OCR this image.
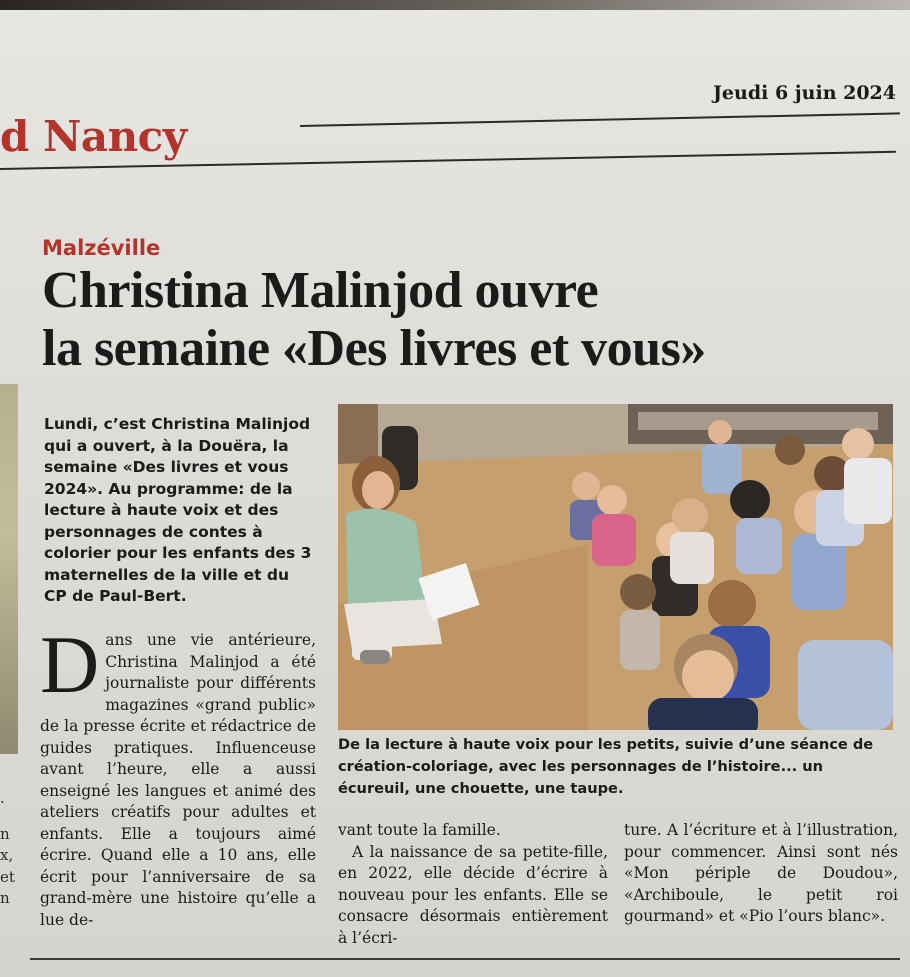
d Nancy
Jeudi 6 juin 2024
Malzéville
Christina Malinjod ouvre
la semaine «Des livres et vous»

Lundi, c’est Christina Malinjod qui a ouvert, à la Douëra, la semaine «Des livres et vous 2024». Au programme: de la lecture à haute voix et des personnages de contes à colorier pour les enfants des 3 maternelles de la ville et du CP de Paul-Bert.

Dans une vie antérieure, Christina Malinjod a été journaliste pour différents magazines «grand public» de la presse écrite et rédactrice de guides pratiques. Influenceuse avant l’heure, elle a aussi enseigné les langues et animé des ateliers créatifs pour adultes et enfants. Elle a toujours aimé écrire. Quand elle a 10 ans, elle écrit pour l’anniversaire de sa grand-mère une histoire qu’elle a lue de-

De la lecture à haute voix pour les petits, suivie d’une séance de création-coloriage, avec les personnages de l’histoire... un écureuil, une chouette, une taupe.

vant toute la famille.
A la naissance de sa petite-fille, en 2022, elle décide d’écrire à nouveau pour les enfants. Elle se consacre désormais entièrement à l’écri-

ture. A l’écriture et à l’illustration, pour commencer. Ainsi sont nés «Mon périple de Doudou», «Archiboule, le petit roi gourmand» et «Pio l’ours blanc».

.
n
x,
et
n
